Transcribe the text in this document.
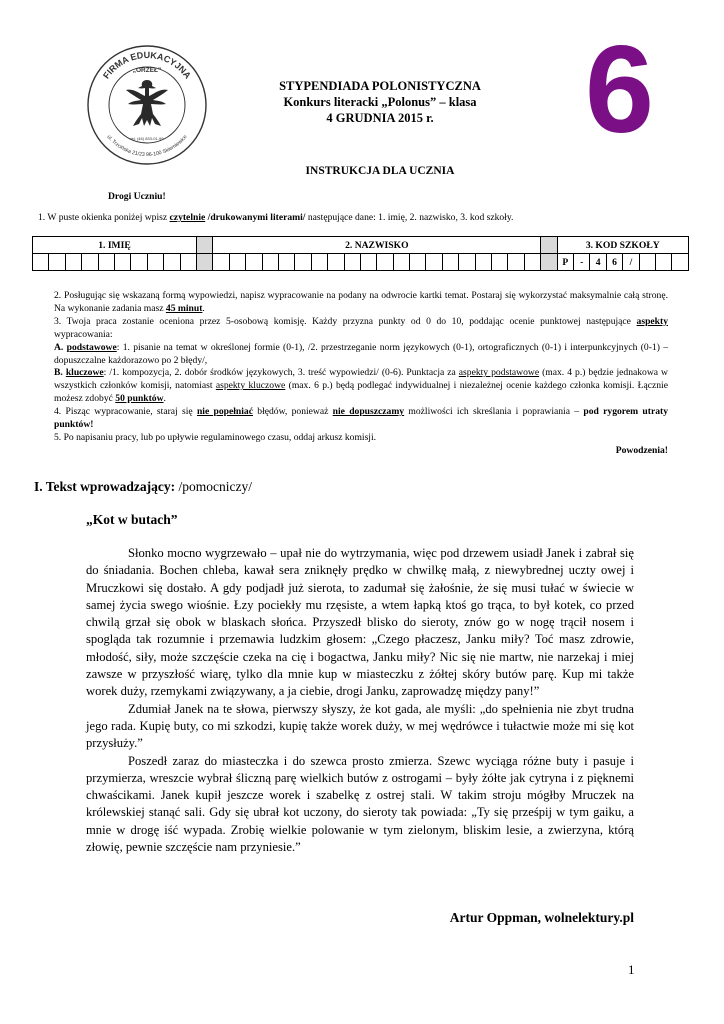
FIRMA EDUKACYJNA
ul. Trzcińska 21/23 96-100 Skierniewice
„ORZEŁ”
tel. (46) 833-01-99
STYPENDIADA POLONISTYCZNA
Konkurs literacki „Polonus” – klasa
4 GRUDNIA 2015 r.	6
INSTRUKCJA DLA UCZNIA
Drogi Uczniu!
1. W puste okienka poniżej wpisz czytelnie /drukowanymi literami/ następujące dane: 1. imię, 2. nazwisko, 3. kod szkoły.
1. IMIĘ											2. NAZWISKO																					3. KOD SZKOŁY							
																																P	-	4	6	/			

2. Posługując się wskazaną formą wypowiedzi, napisz wypracowanie na podany na odwrocie kartki temat. Postaraj się wykorzystać maksymalnie całą stronę. Na wykonanie zadania masz 45 minut.

3. Twoja praca zostanie oceniona przez 5-osobową komisję. Każdy przyzna punkty od 0 do 10, poddając ocenie punktowej następujące aspekty wypracowania:

A. podstawowe: 1. pisanie na temat w określonej formie (0-1), /2. przestrzeganie norm językowych (0-1), ortograficznych (0-1) i interpunkcyjnych (0-1) – dopuszczalne każdorazowo po 2 błędy/,

B. kluczowe: /1. kompozycja, 2. dobór środków językowych, 3. treść wypowiedzi/ (0-6). Punktacja za aspekty podstawowe (max. 4 p.) będzie jednakowa w wszystkich członków komisji, natomiast aspekty kluczowe (max. 6 p.) będą podlegać indywidualnej i niezależnej ocenie każdego członka komisji. Łącznie możesz zdobyć 50 punktów.

4. Pisząc wypracowanie, staraj się nie popełniać błędów, ponieważ nie dopuszczamy możliwości ich skreślania i poprawiania – pod rygorem utraty punktów!

5. Po napisaniu pracy, lub po upływie regulaminowego czasu, oddaj arkusz komisji.

Powodzenia!

I. Tekst wprowadzający: /pomocniczy/
„Kot w butach”

Słonko mocno wygrzewało – upał nie do wytrzymania, więc pod drzewem usiadł Janek i zabrał się do śniadania. Bochen chleba, kawał sera zniknęły prędko w chwilkę małą, z niewybrednej uczty owej i Mruczkowi się dostało. A gdy podjadł już sierota, to zadumał się żałośnie, że się musi tułać w świecie w samej życia swego wiośnie. Łzy pociekły mu rzęsiste, a wtem łapką ktoś go trąca, to był kotek, co przed chwilą grzał się obok w blaskach słońca. Przyszedł blisko do sieroty, znów go w nogę trącił nosem i spogląda tak rozumnie i przemawia ludzkim głosem: „Czego płaczesz, Janku miły? Toć masz zdrowie, młodość, siły, może szczęście czeka na cię i bogactwa, Janku miły? Nic się nie martw, nie narzekaj i miej zawsze w przyszłość wiarę, tylko dla mnie kup w miasteczku z żółtej skóry butów parę. Kup mi także worek duży, rzemykami związywany, a ja ciebie, drogi Janku, zaprowadzę między pany!”

Zdumiał Janek na te słowa, pierwszy słyszy, że kot gada, ale myśli: „do spełnienia nie zbyt trudna jego rada. Kupię buty, co mi szkodzi, kupię także worek duży, w mej wędrówce i tułactwie może mi się kot przysłuży.”

Poszedł zaraz do miasteczka i do szewca prosto zmierza. Szewc wyciąga różne buty i pasuje i przymierza, wreszcie wybrał śliczną parę wielkich butów z ostrogami – były żółte jak cytryna i z pięknemi chwaścikami. Janek kupił jeszcze worek i szabelkę z ostrej stali. W takim stroju mógłby Mruczek na królewskiej stanąć sali. Gdy się ubrał kot uczony, do sieroty tak powiada: „Ty się prześpij w tym gaiku, a mnie w drogę iść wypada. Zrobię wielkie polowanie w tym zielonym, bliskim lesie, a zwierzyna, którą złowię, pewnie szczęście nam przyniesie.”

Artur Oppman, wolnelektury.pl
1
